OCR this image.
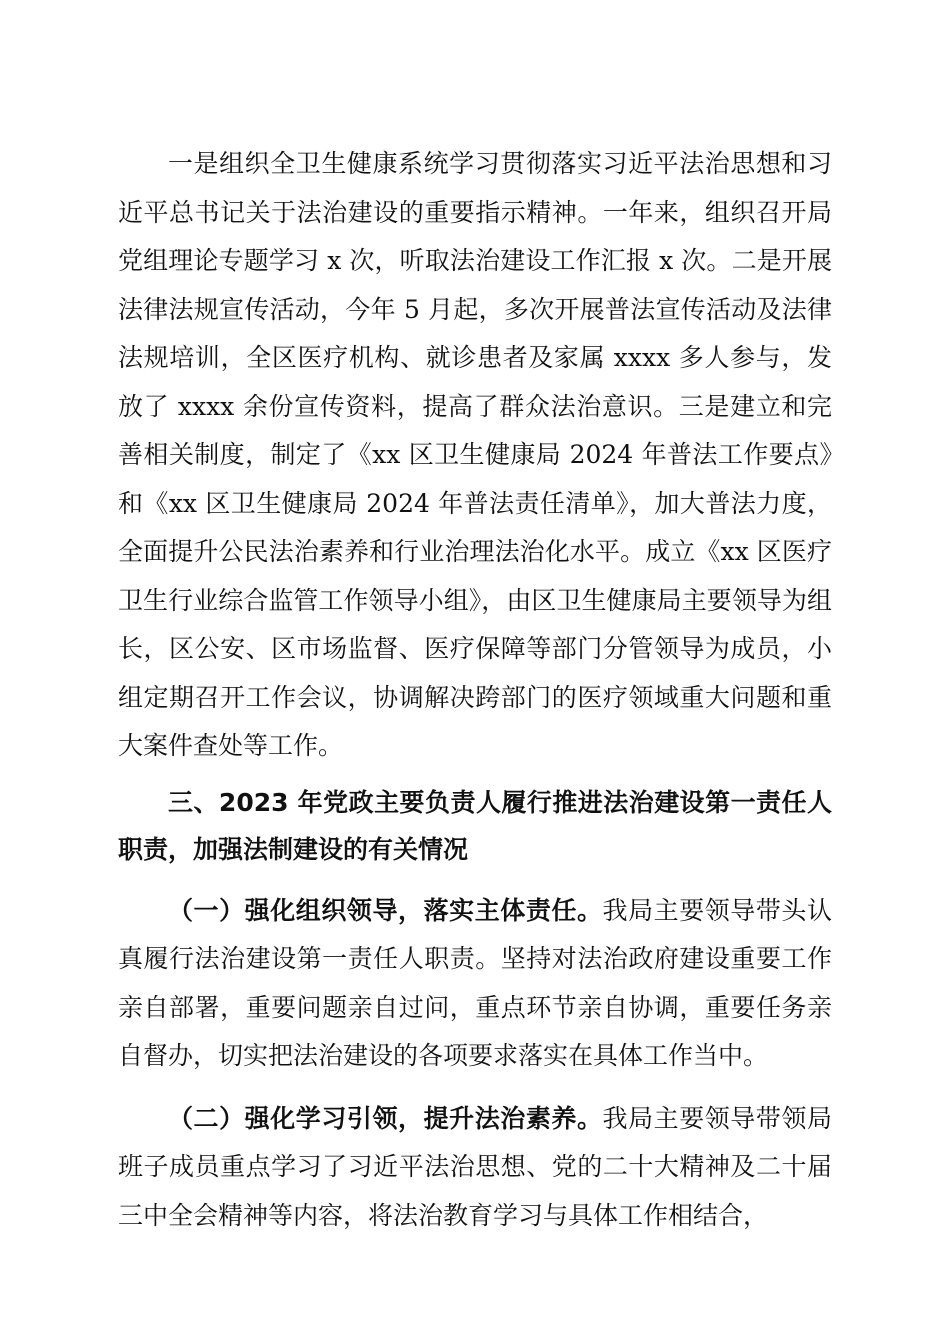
一是组织全卫生健康系统学习贯彻落实习近平法治思想和习近平总书记关于法治建设的重要指示精神。一年来，组织召开局党组理论专题学习 x 次，听取法治建设工作汇报 x 次。二是开展法律法规宣传活动，今年 5 月起，多次开展普法宣传活动及法律法规培训，全区医疗机构、就诊患者及家属 xxxx 多人参与，发放了 xxxx 余份宣传资料，提高了群众法治意识。三是建立和完善相关制度，制定了《xx 区卫生健康局 2024 年普法工作要点》和《xx 区卫生健康局 2024 年普法责任清单》，加大普法力度，全面提升公民法治素养和行业治理法治化水平。成立《xx 区医疗卫生行业综合监管工作领导小组》，由区卫生健康局主要领导为组长，区公安、区市场监督、医疗保障等部门分管领导为成员，小组定期召开工作会议，协调解决跨部门的医疗领域重大问题和重大案件查处等工作。

三、2023 年党政主要负责人履行推进法治建设第一责任人职责，加强法制建设的有关情况

（一）强化组织领导，落实主体责任。我局主要领导带头认真履行法治建设第一责任人职责。坚持对法治政府建设重要工作亲自部署，重要问题亲自过问，重点环节亲自协调，重要任务亲自督办，切实把法治建设的各项要求落实在具体工作当中。

（二）强化学习引领，提升法治素养。我局主要领导带领局班子成员重点学习了习近平法治思想、党的二十大精神及二十届三中全会精神等内容，将法治教育学习与具体工作相结合，
